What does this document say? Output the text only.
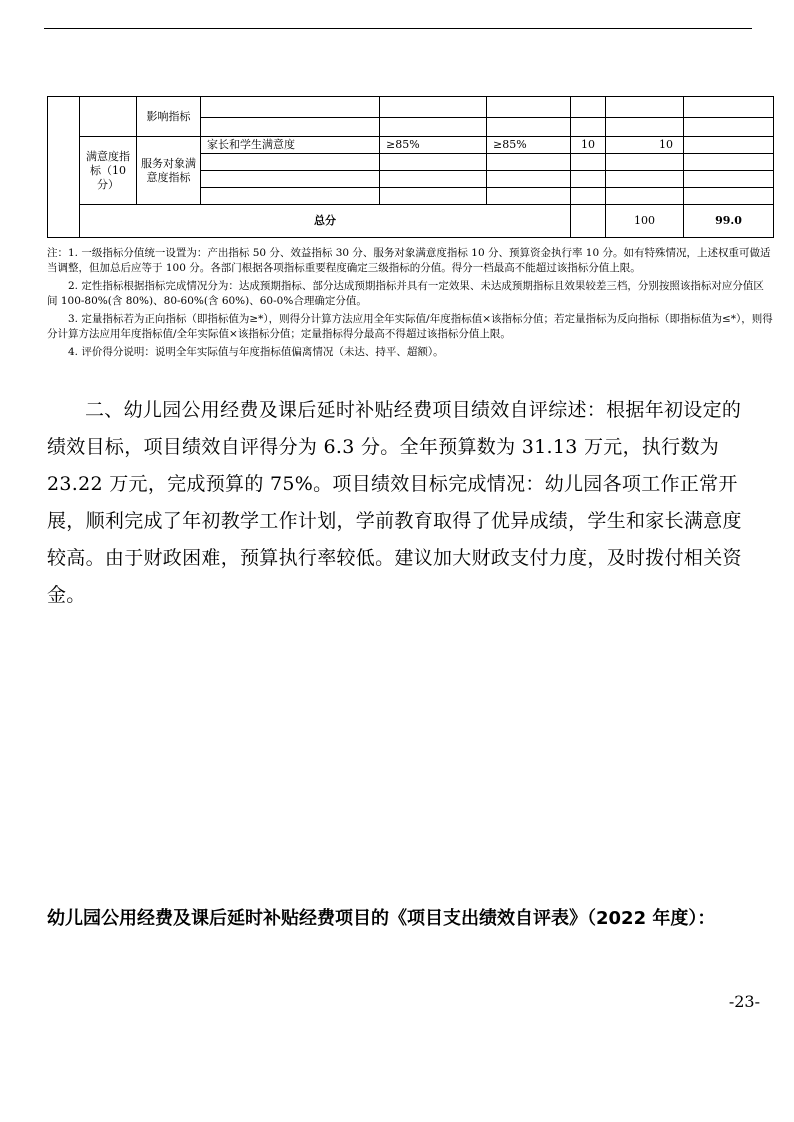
		影响指标							

	满意度指标（10分）	服务对象满意度指标	家长和学生满意度	≥85%	≥85%	10	10		

	总分						100	99.0	

注：1. 一级指标分值统一设置为：产出指标 50 分、效益指标 30 分、服务对象满意度指标 10 分、预算资金执行率 10 分。如有特殊情况，上述权重可做适当调整，但加总后应等于 100 分。各部门根据各项指标重要程度确定三级指标的分值。得分一档最高不能超过该指标分值上限。

2. 定性指标根据指标完成情况分为：达成预期指标、部分达成预期指标并具有一定效果、未达成预期指标且效果较差三档，分别按照该指标对应分值区间 100-80%(含 80%)、80-60%(含 60%)、60-0%合理确定分值。

3. 定量指标若为正向指标（即指标值为≥*），则得分计算方法应用全年实际值/年度指标值×该指标分值；若定量指标为反向指标（即指标值为≤*），则得分计算方法应用年度指标值/全年实际值×该指标分值；定量指标得分最高不得超过该指标分值上限。

4. 评价得分说明：说明全年实际值与年度指标值偏离情况（未达、持平、超额）。

二、幼儿园公用经费及课后延时补贴经费项目绩效自评综述：根据年初设定的绩效目标，项目绩效自评得分为 6.3 分。全年预算数为 31.13 万元，执行数为 23.22 万元，完成预算的 75%。项目绩效目标完成情况：幼儿园各项工作正常开展，顺利完成了年初教学工作计划，学前教育取得了优异成绩，学生和家长满意度较高。由于财政困难，预算执行率较低。建议加大财政支付力度，及时拨付相关资金。

幼儿园公用经费及课后延时补贴经费项目的《项目支出绩效自评表》（2022 年度）：
-23-
